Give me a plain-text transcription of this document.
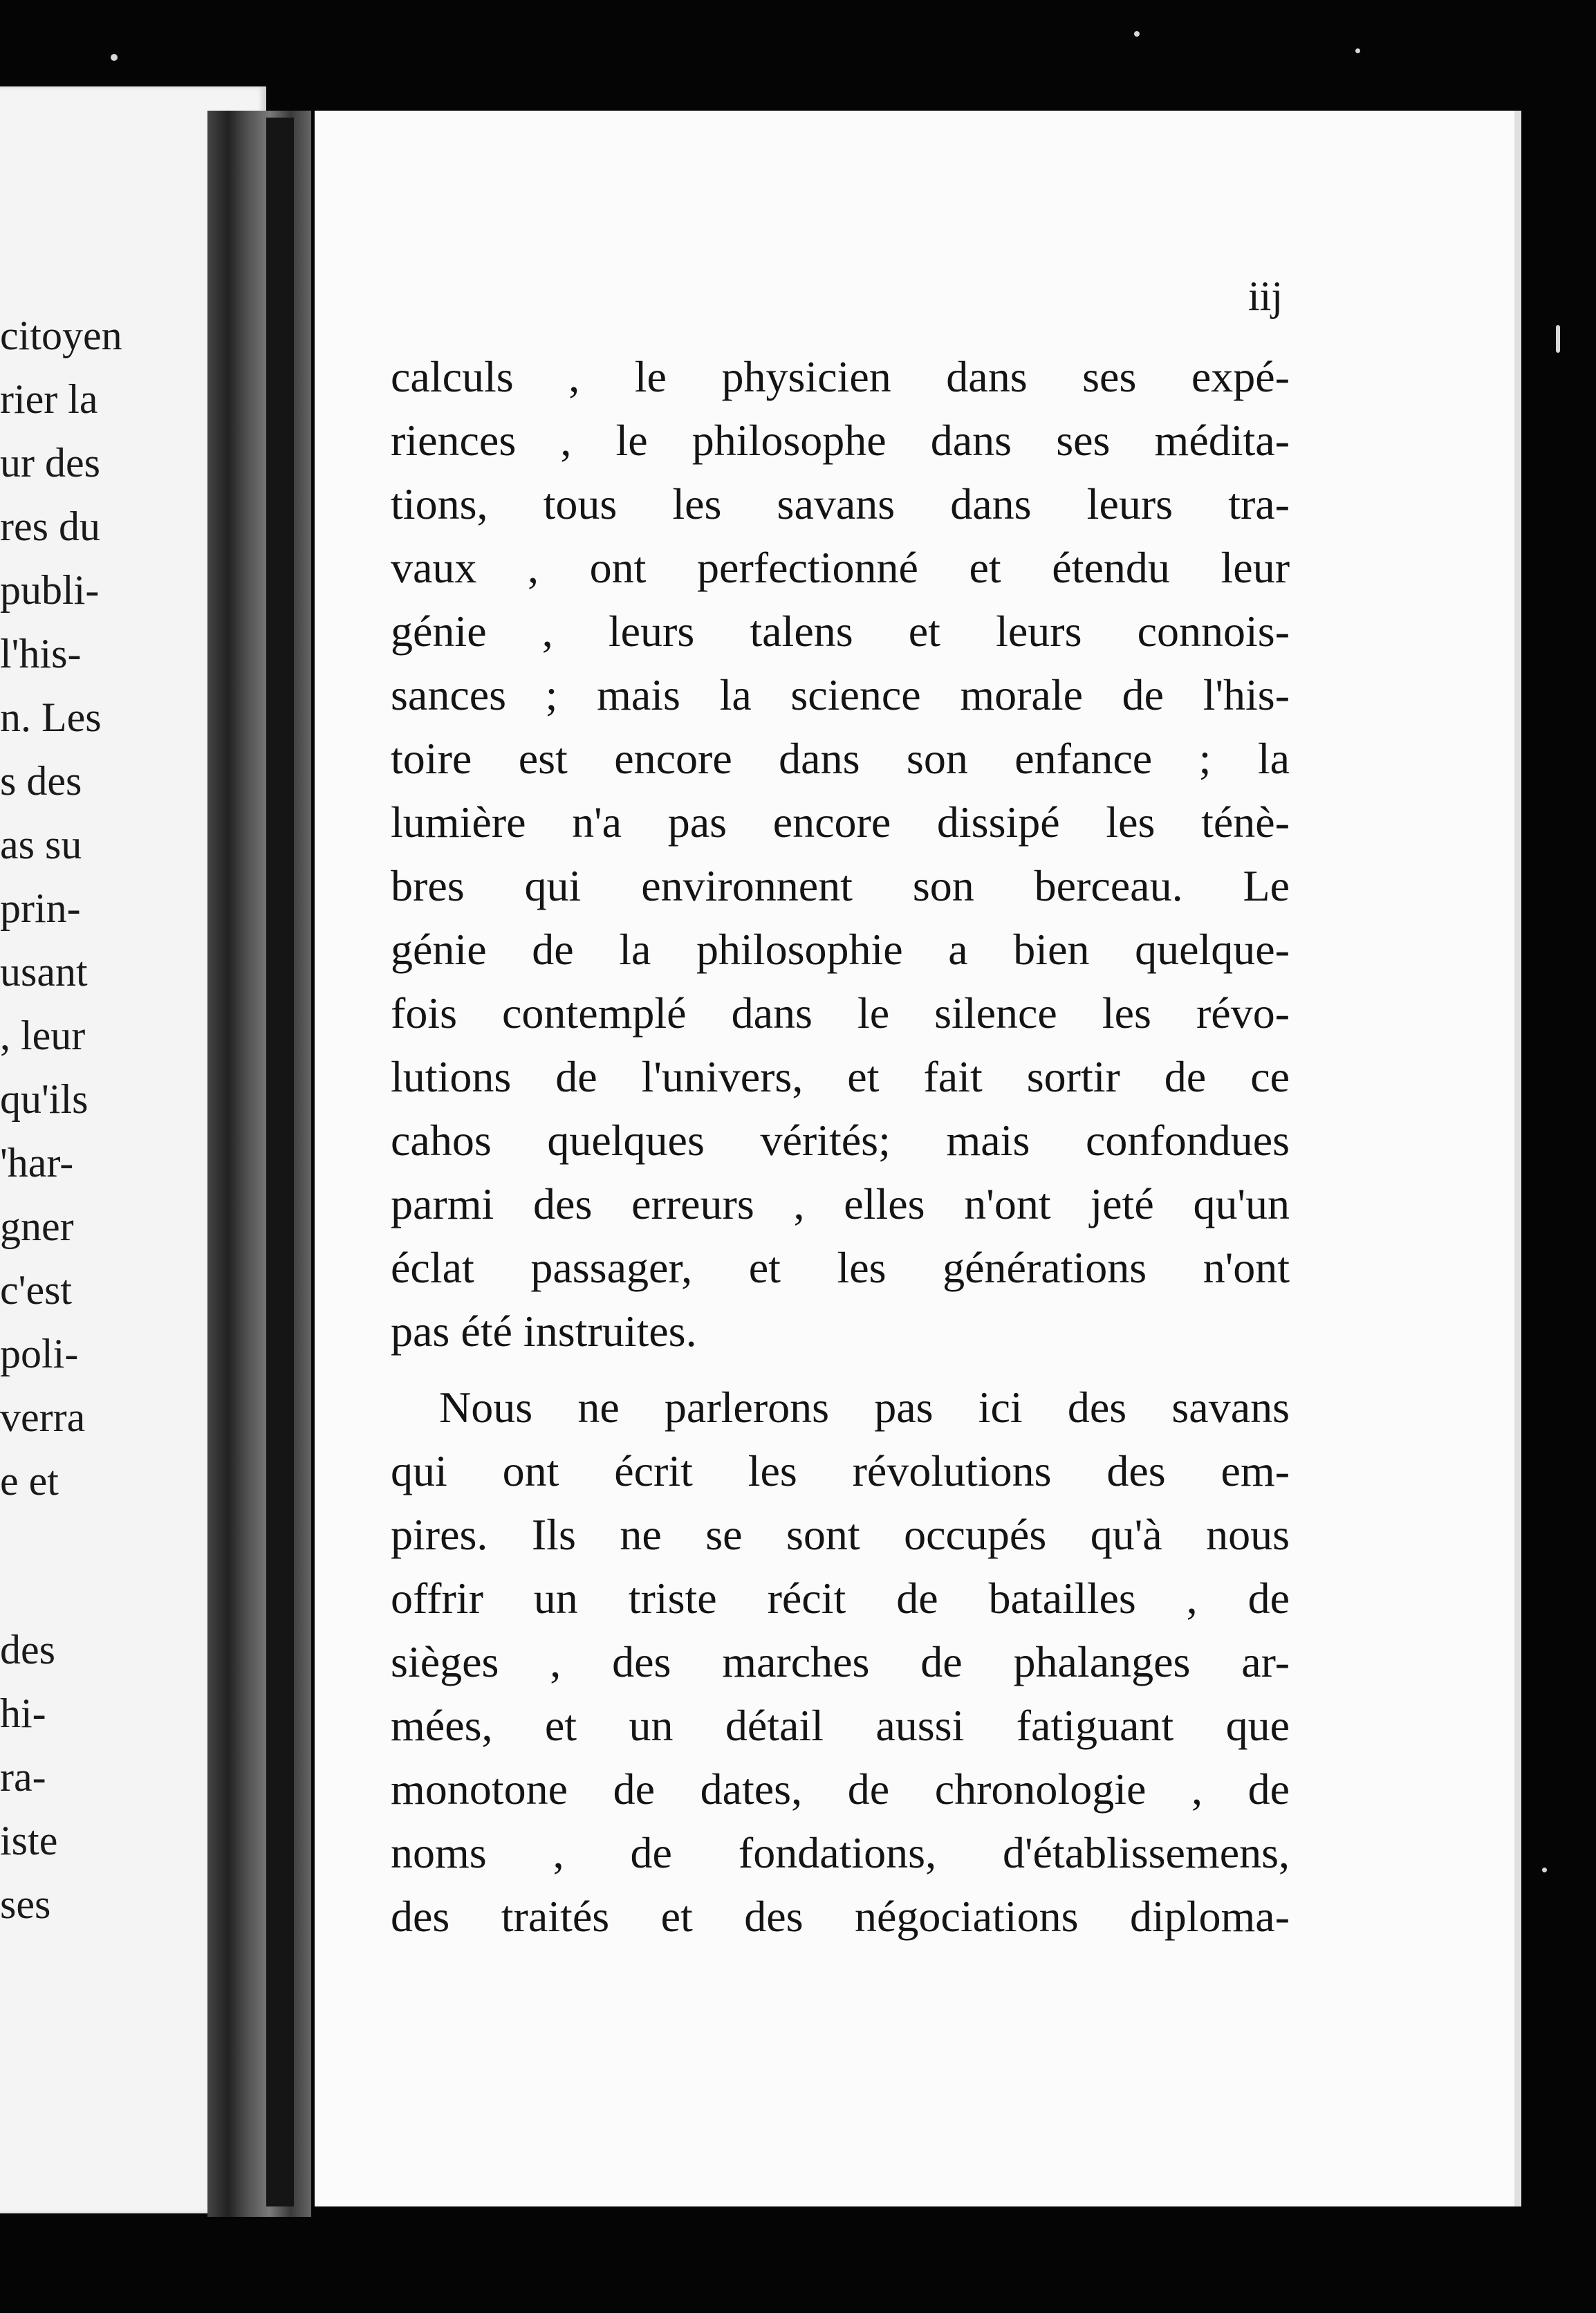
citoyen
rier la
ur des
res du
publi-
l'his-
n. Les
s des
as su
prin-
usant
, leur
qu'ils
'har-
gner
c'est
poli-
verra
e et
des
hi-
ra-
iste
ses
iij
calculs , le physicien dans ses expé-
riences , le philosophe dans ses médita-
tions, tous les savans dans leurs tra-
vaux , ont perfectionné et étendu leur
génie , leurs talens et leurs connois-
sances ; mais la science morale de l'his-
toire est encore dans son enfance ; la
lumière n'a pas encore dissipé les ténè-
bres qui environnent son berceau. Le
génie de la philosophie a bien quelque-
fois contemplé dans le silence les révo-
lutions de l'univers, et fait sortir de ce
cahos quelques vérités; mais confondues
parmi des erreurs , elles n'ont jeté qu'un
éclat passager, et les générations n'ont
pas été instruites.
Nous ne parlerons pas ici des savans
qui ont écrit les révolutions des em-
pires. Ils ne se sont occupés qu'à nous
offrir un triste récit de batailles , de
sièges , des marches de phalanges ar-
mées, et un détail aussi fatiguant que
monotone de dates, de chronologie , de
noms , de fondations, d'établissemens,
des traités et des négociations diploma-
